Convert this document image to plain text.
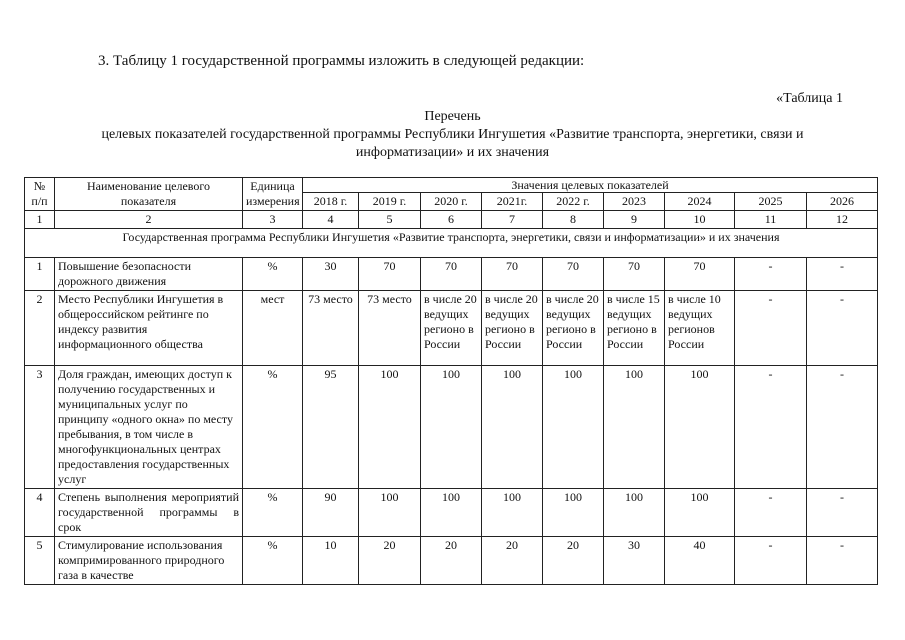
3. Таблицу 1 государственной программы изложить в следующей редакции:
«Таблица 1
Перечень
целевых показателей государственной программы Республики Ингушетия «Развитие транспорта, энергетики, связи и информатизации» и их значения
№ п/п	Наименование целевого показателя	Единица измерения	Значения целевых показателей								
			2018 г.	2019 г.	2020 г.	2021г.	2022 г.	2023	2024	2025	2026
1	2	3	4	5	6	7	8	9	10	11	12
Государственная программа Республики Ингушетия «Развитие транспорта, энергетики, связи и информатизации» и их значения											
1	Повышение безопасности дорожного движения	%	30	70	70	70	70	70	70	-	-
2	Место Республики Ингушетия в общероссийском рейтинге по индексу развития информационного общества	мест	73 место	73 место	в числе 20 ведущих регионо в России	в числе 20 ведущих регионо в России	в числе 20 ведущих регионо в России	в числе 15 ведущих регионо в России	в числе 10 ведущих регионов России	-	-
3	Доля граждан, имеющих доступ к получению государственных и муниципальных услуг по принципу «одного окна» по месту пребывания, в том числе в многофункциональных центрах предоставления государственных услуг	%	95	100	100	100	100	100	100	-	-
4	Степень выполнения мероприятий государственной программы в срок	%	90	100	100	100	100	100	100	-	-
5	Стимулирование использования компримированного природного газа в качестве	%	10	20	20	20	20	30	40	-	-
